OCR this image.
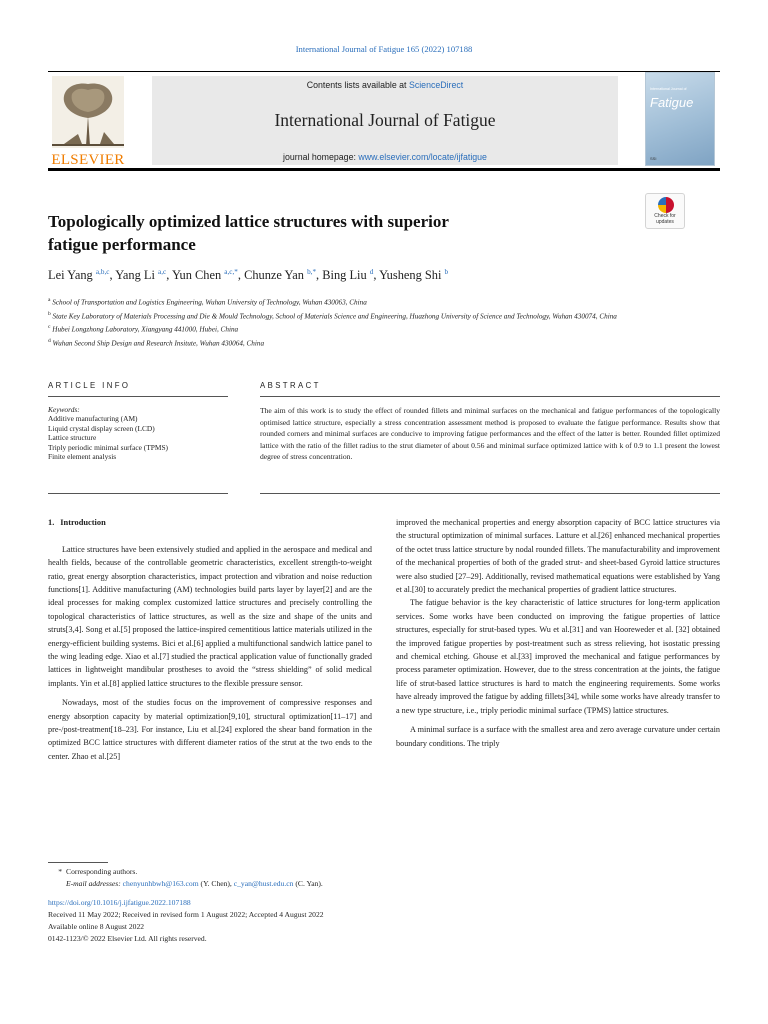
International Journal of Fatigue 165 (2022) 107188
ELSEVIER
Contents lists available at ScienceDirect
International Journal of Fatigue
journal homepage: www.elsevier.com/locate/ijfatigue
International Journal of
Fatigue
SSI
Topologically optimized lattice structures with superior
fatigue performance
Check for
updates
Lei Yang $^{a,b,c}$, Yang Li $^{a,c}$, Yun Chen $^{a,c,*}$, Chunze Yan $^{b,*}$, Bing Liu $^d$, Yusheng Shi $^b$
$^a$ School of Transportation and Logistics Engineering, Wuhan University of Technology, Wuhan 430063, China
$^b$ State Key Laboratory of Materials Processing and Die & Mould Technology, School of Materials Science and Engineering, Huazhong University of Science and Technology, Wuhan 430074, China
$^c$ Hubei Longzhong Laboratory, Xiangyang 441000, Hubei, China
$^d$ Wuhan Second Ship Design and Research Insitute, Wuhan 430064, China
ARTICLE INFO	ABSTRACT
Keywords:
Additive manufacturing (AM)
Liquid crystal display screen (LCD)
Lattice structure
Triply periodic minimal surface (TPMS)
Finite element analysis
The aim of this work is to study the effect of rounded fillets and minimal surfaces on the mechanical and fatigue performances of the topologically optimised lattice structure, especially a stress concentration assessment method is proposed to evaluate the fatigue performance. Results show that rounded corners and minimal surfaces are conducive to improving fatigue performances and the effect of the latter is better. Rounded fillet optimized lattice with the ratio of the fillet radius to the strut diameter of about 0.56 and minimal surface optimized lattice with k of 0.9 to 1.1 present the lowest degree of stress concentration.
1. Introduction

Lattice structures have been extensively studied and applied in the aerospace and medical and health fields, because of the controllable geometric characteristics, excellent strength-to-weight ratio, great energy absorption characteristics, impact protection and vibration and noise reduction functions[1]. Additive manufacturing (AM) technologies build parts layer by layer[2] and are the ideal processes for making complex customized lattice structures and precisely controlling the topological characteristics of lattice structures, as well as the size and shape of the units and struts[3,4]. Song et al.[5] proposed the lattice-inspired cementitious lattice materials utilized in the energy-efficient building systems. Bici et al.[6] applied a multifunctional sandwich lattice panel to the wing leading edge. Xiao et al.[7] studied the practical application value of functionally graded lattices in lightweight mandibular prostheses to avoid the “stress shielding” of solid medical implants. Yin et al.[8] applied lattice structures to the flexible pressure sensor.

Nowadays, most of the studies focus on the improvement of compressive responses and energy absorption capacity by material optimization[9,10], structural optimization[11–17] and pre-/post-treatment[18–23]. For instance, Liu et al.[24] explored the shear band formation in the optimized BCC lattice structures with different diameter ratios of the strut at the two ends to the center. Zhao et al.[25]

improved the mechanical properties and energy absorption capacity of BCC lattice structures via the structural optimization of minimal surfaces. Latture et al.[26] enhanced mechanical properties of the octet truss lattice structure by nodal rounded fillets. The manufacturability and improvement of the mechanical properties of both of the graded strut- and sheet-based Gyroid lattice structures were also studied [27–29]. Additionally, revised mathematical equations were established by Yang et al.[30] to accurately predict the mechanical properties of gradient lattice structures.

The fatigue behavior is the key characteristic of lattice structures for long-term application services. Some works have been conducted on improving the fatigue properties of lattice structures, especially for strut-based types. Wu et al.[31] and van Hooreweder et al. [32] obtained the improved fatigue properties by post-treatment such as stress relieving, hot isostatic pressing and chemical etching. Ghouse et al.[33] improved the mechanical and fatigue performances by process parameter optimization. However, due to the stress concentration at the joints, the fatigue life of strut-based lattice structures is hard to match the engineering requirements. Some works have already improved the fatigue by adding fillets[34], while some works have already transfer to a new type structure, i.e., triply periodic minimal surface (TPMS) lattice structures.

A minimal surface is a surface with the smallest area and zero average curvature under certain boundary conditions. The triply

* Corresponding authors.
E-mail addresses: chenyunhbwh@163.com (Y. Chen), c_yan@hust.edu.cn (C. Yan).
https://doi.org/10.1016/j.ijfatigue.2022.107188
Received 11 May 2022; Received in revised form 1 August 2022; Accepted 4 August 2022
Available online 8 August 2022
0142-1123/© 2022 Elsevier Ltd. All rights reserved.
